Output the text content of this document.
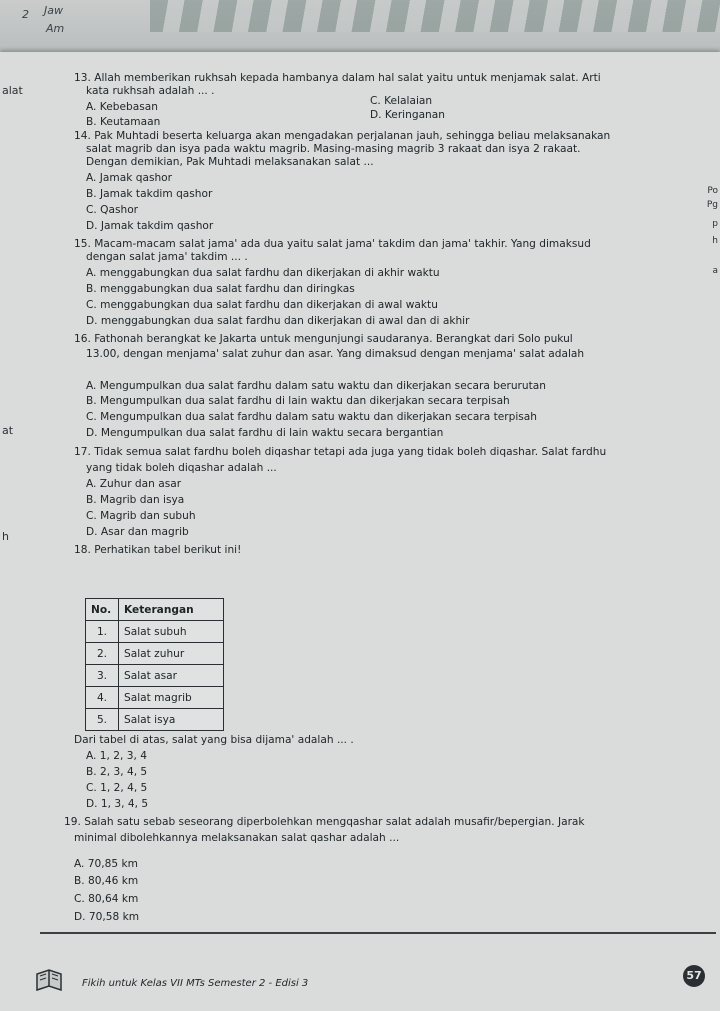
2 Jaw
Am
alat
at
h
Po
Pg
p
h
a
13. Allah memberikan rukhsah kepada hambanya dalam hal salat yaitu untuk menjamak salat. Arti
kata rukhsah adalah ... .
A. Kebebasan
B. Keutamaan
C. Kelalaian
D. Keringanan
14. Pak Muhtadi beserta keluarga akan mengadakan perjalanan jauh, sehingga beliau melaksanakan
salat magrib dan isya pada waktu magrib. Masing-masing magrib 3 rakaat dan isya 2 rakaat.
Dengan demikian, Pak Muhtadi melaksanakan salat ...
A. Jamak qashor
B. Jamak takdim qashor
C. Qashor
D. Jamak takdim qashor
15. Macam-macam salat jama' ada dua yaitu salat jama' takdim dan jama' takhir. Yang dimaksud
dengan salat jama' takdim ... .
A. menggabungkan dua salat fardhu dan dikerjakan di akhir waktu
B. menggabungkan dua salat fardhu dan diringkas
C. menggabungkan dua salat fardhu dan dikerjakan di awal waktu
D. menggabungkan dua salat fardhu dan dikerjakan di awal dan di akhir
16. Fathonah berangkat ke Jakarta untuk mengunjungi saudaranya. Berangkat dari Solo pukul
13.00, dengan menjama' salat zuhur dan asar. Yang dimaksud dengan menjama' salat adalah
A. Mengumpulkan dua salat fardhu dalam satu waktu dan dikerjakan secara berurutan
B. Mengumpulkan dua salat fardhu di lain waktu dan dikerjakan secara terpisah
C. Mengumpulkan dua salat fardhu dalam satu waktu dan dikerjakan secara terpisah
D. Mengumpulkan dua salat fardhu di lain waktu secara bergantian
17. Tidak semua salat fardhu boleh diqashar tetapi ada juga yang tidak boleh diqashar. Salat fardhu
yang tidak boleh diqashar adalah ...
A. Zuhur dan asar
B. Magrib dan isya
C. Magrib dan subuh
D. Asar dan magrib
18. Perhatikan tabel berikut ini!
No.	Keterangan
1.	Salat subuh
2.	Salat zuhur
3.	Salat asar
4.	Salat magrib
5.	Salat isya
Dari tabel di atas, salat yang bisa dijama' adalah ... .
A. 1, 2, 3, 4
B. 2, 3, 4, 5
C. 1, 2, 4, 5
D. 1, 3, 4, 5
19. Salah satu sebab seseorang diperbolehkan mengqashar salat adalah musafir/bepergian. Jarak
minimal dibolehkannya melaksanakan salat qashar adalah ...
A. 70,85 km
B. 80,46 km
C. 80,64 km
D. 70,58 km
Fikih untuk Kelas VII MTs Semester 2 - Edisi 3
57
